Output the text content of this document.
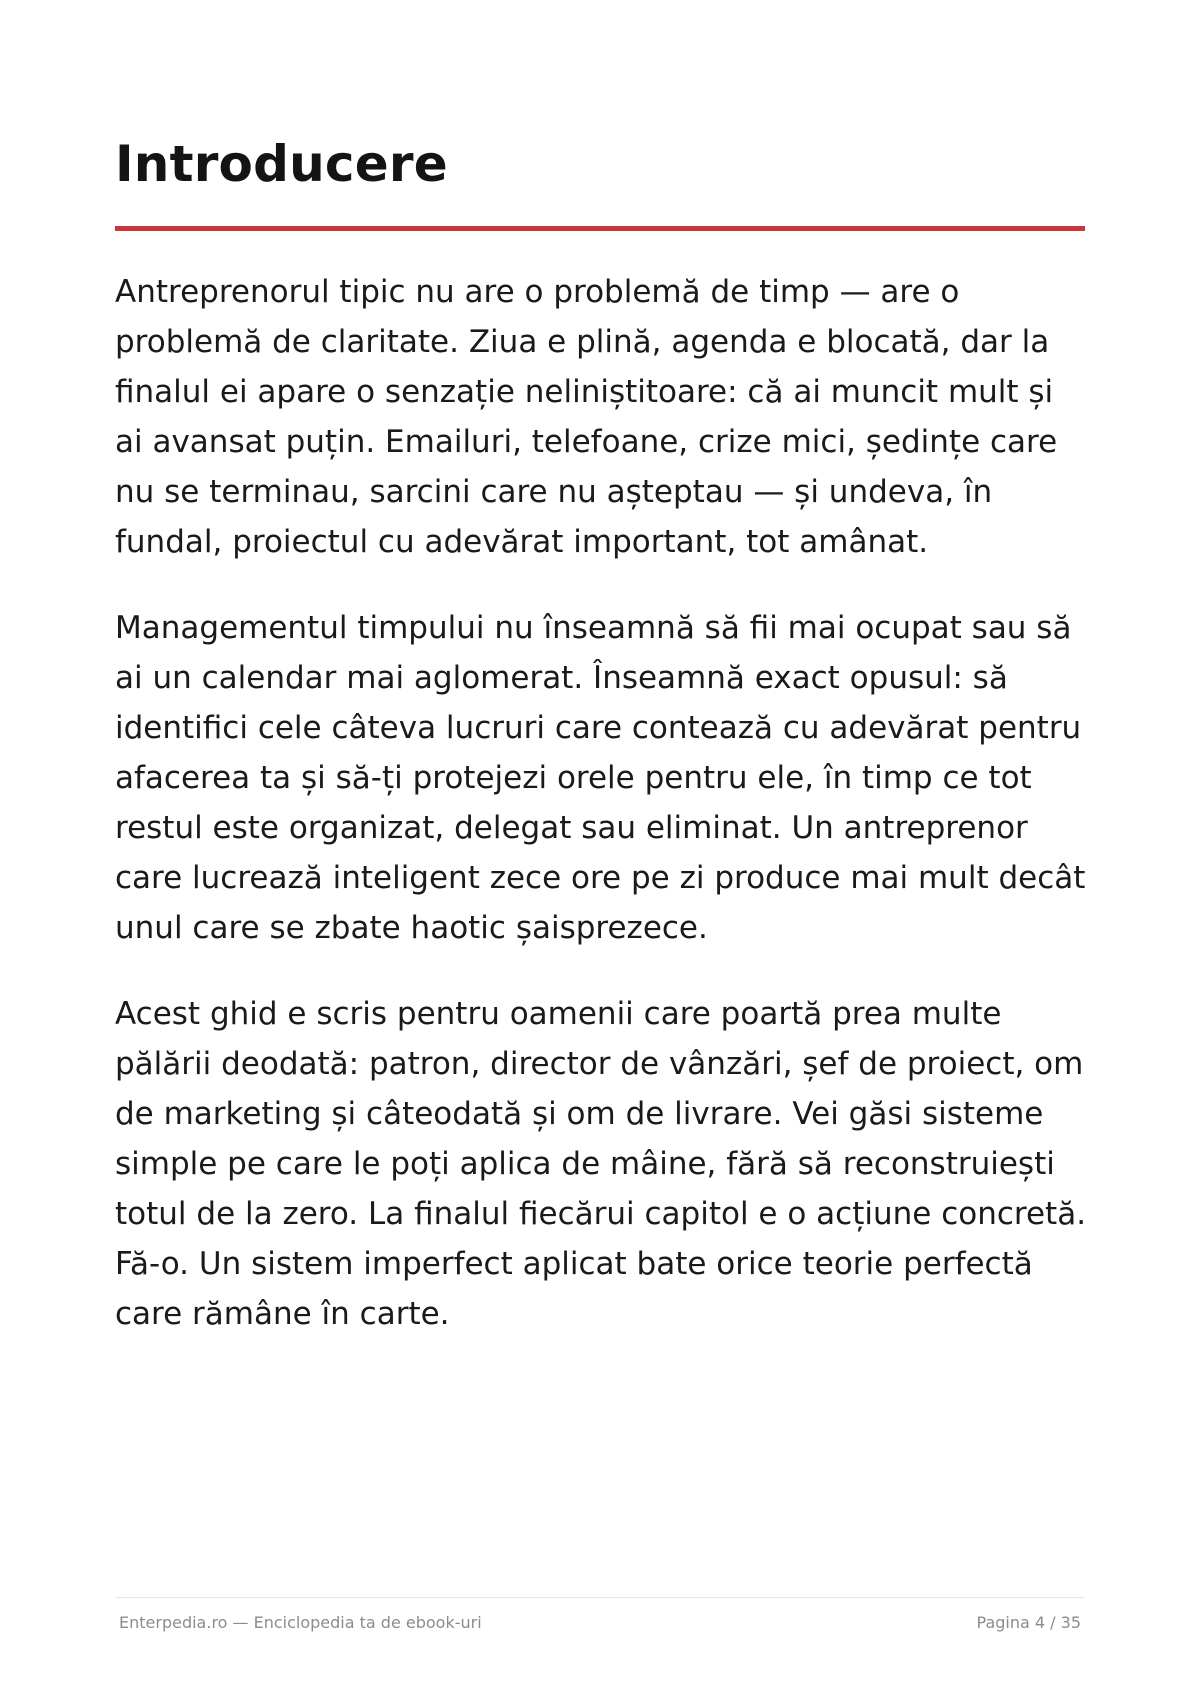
Introducere

Antreprenorul tipic nu are o problemă de timp — are o problemă de claritate. Ziua e plină, agenda e blocată, dar la finalul ei apare o senzație neliniștitoare: că ai muncit mult și ai avansat puțin. Emailuri, telefoane, crize mici, ședințe care nu se terminau, sarcini care nu așteptau — și undeva, în fundal, proiectul cu adevărat important, tot amânat.

Managementul timpului nu înseamnă să fii mai ocupat sau să ai un calendar mai aglomerat. Înseamnă exact opusul: să identifici cele câteva lucruri care contează cu adevărat pentru afacerea ta și să-ți protejezi orele pentru ele, în timp ce tot restul este organizat, delegat sau eliminat. Un antreprenor care lucrează inteligent zece ore pe zi produce mai mult decât unul care se zbate haotic șaisprezece.

Acest ghid e scris pentru oamenii care poartă prea multe pălării deodată: patron, director de vânzări, șef de proiect, om de marketing și câteodată și om de livrare. Vei găsi sisteme simple pe care le poți aplica de mâine, fără să reconstruiești totul de la zero. La finalul fiecărui capitol e o acțiune concretă. Fă-o. Un sistem imperfect aplicat bate orice teorie perfectă care rămâne în carte.

Enterpedia.ro — Enciclopedia ta de ebook-uri	Pagina 4 / 35
